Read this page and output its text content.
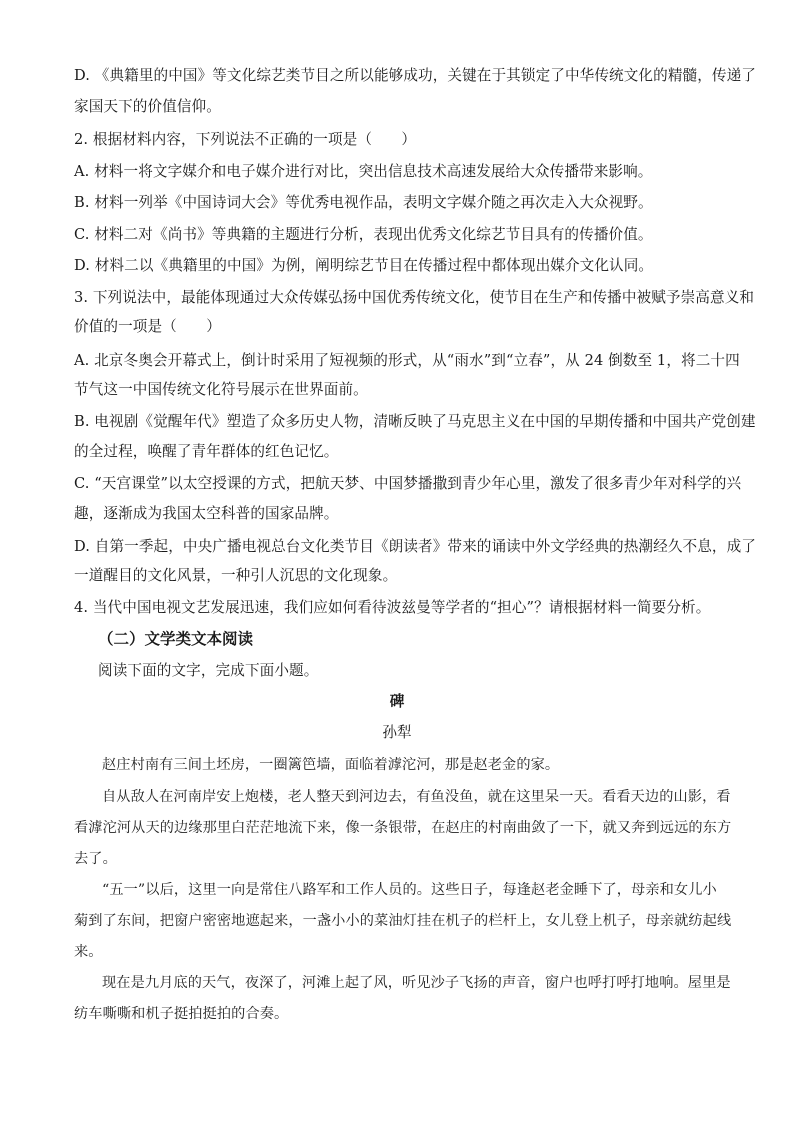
D. 《典籍里的中国》等文化综艺类节目之所以能够成功，关键在于其锁定了中华传统文化的精髓，传递了
家国天下的价值信仰。
2. 根据材料内容，下列说法不正确的一项是（　　）
A. 材料一将文字媒介和电子媒介进行对比，突出信息技术高速发展给大众传播带来影响。
B. 材料一列举《中国诗词大会》等优秀电视作品，表明文字媒介随之再次走入大众视野。
C. 材料二对《尚书》等典籍的主题进行分析，表现出优秀文化综艺节目具有的传播价值。
D. 材料二以《典籍里的中国》为例，阐明综艺节目在传播过程中都体现出媒介文化认同。
3. 下列说法中，最能体现通过大众传媒弘扬中国优秀传统文化，使节目在生产和传播中被赋予崇高意义和
价值的一项是（　　）
A. 北京冬奥会开幕式上，倒计时采用了短视频的形式，从“雨水”到“立春”，从 24 倒数至 1，将二十四
节气这一中国传统文化符号展示在世界面前。
B. 电视剧《觉醒年代》塑造了众多历史人物，清晰反映了马克思主义在中国的早期传播和中国共产党创建
的全过程，唤醒了青年群体的红色记忆。
C. “天宫课堂”以太空授课的方式，把航天梦、中国梦播撒到青少年心里，激发了很多青少年对科学的兴
趣，逐渐成为我国太空科普的国家品牌。
D. 自第一季起，中央广播电视总台文化类节目《朗读者》带来的诵读中外文学经典的热潮经久不息，成了
一道醒目的文化风景，一种引人沉思的文化现象。
4. 当代中国电视文艺发展迅速，我们应如何看待波兹曼等学者的“担心”？请根据材料一简要分析。
（二）文学类文本阅读
阅读下面的文字，完成下面小题。
碑
孙犁
赵庄村南有三间土坯房，一圈篱笆墙，面临着滹沱河，那是赵老金的家。
自从敌人在河南岸安上炮楼，老人整天到河边去，有鱼没鱼，就在这里呆一天。看看天边的山影，看
看滹沱河从天的边缘那里白茫茫地流下来，像一条银带，在赵庄的村南曲敛了一下，就又奔到远远的东方
去了。
“五一”以后，这里一向是常住八路军和工作人员的。这些日子，每逢赵老金睡下了，母亲和女儿小
菊到了东间，把窗户密密地遮起来，一盏小小的菜油灯挂在机子的栏杆上，女儿登上机子，母亲就纺起线
来。
现在是九月底的天气，夜深了，河滩上起了风，听见沙子飞扬的声音，窗户也呼打呼打地响。屋里是
纺车嘶嘶和机子挺拍挺拍的合奏。
